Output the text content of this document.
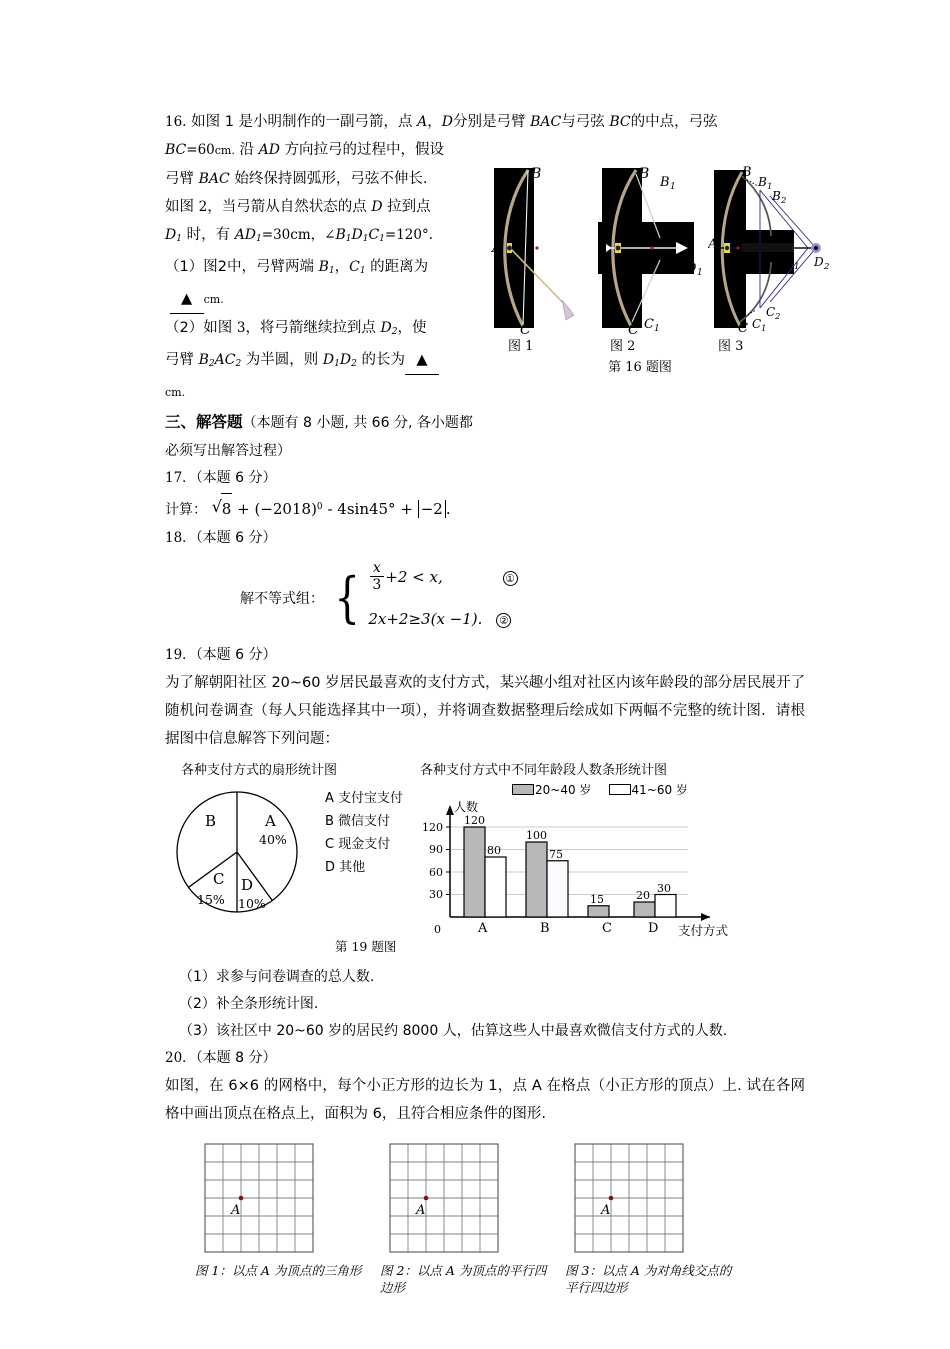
16. 如图 1 是小明制作的一副弓箭，点 A，D分别是弓臂 BAC与弓弦 BC的中点，弓弦
BC=60cm. 沿 AD 方向拉弓的过程中，假设
弓臂 BAC 始终保持圆弧形，弓弦不伸长.
如图 2，当弓箭从自然状态的点 D 拉到点
$D_1$ 时，有 $AD_1=30cm$，$\angle B_1D_1C_1=120^\circ$.
（1）图2中，弓臂两端 $B_1$，$C_1$ 的距离为
▲ cm.
（2）如图 3，将弓箭继续拉到点 $D_2$，使
弓臂 $B_2AC_2$ 为半圆，则 $D_1D_2$ 的长为 ▲
cm.
B
A
C
B
B 1
C C 1
D 1
B
B 1
B 2
A
C C 1
C 2
D 1 D 2
图 1	图 2	图 3
第 16 题图
三、解答题（本题有 8 小题, 共 66 分, 各小题都必须写出解答过程）
17．（本题 6 分）
计算： √ $8 + (-2018)^0 - 4\sin 45^\circ + -2$ .
18．（本题 6 分）
解不等式组： { $\frac{x}{3} +2 < x$,	①
2x+2≥3(x −1). ②
19．（本题 6 分）
为了解朝阳社区 20~60 岁居民最喜欢的支付方式，某兴趣小组对社区内该年龄段的部分居民展开了随机问卷调查（每人只能选择其中一项），并将调查数据整理后绘成如下两幅不完整的统计图．请根据图中信息解答下列问题：
各种支付方式的扇形统计图
A
40%
B
C
15%
D
10%
A 支付宝支付
B 微信支付
C 现金支付
D 其他
第 19 题图
各种支付方式中不同年龄段人数条形统计图
20~40 岁	41~60 岁
120
90
60
30
0
120
80
A
100
75
B
15
C
20
30
D
人数
支付方式
（1）求参与问卷调查的总人数.
（2）补全条形统计图.
（3）该社区中 20~60 岁的居民约 8000 人，估算这些人中最喜欢微信支付方式的人数.
20．（本题 8 分）
如图，在 6×6 的网格中，每个小正方形的边长为 1，点 A 在格点（小正方形的顶点）上. 试在各网格中画出顶点在格点上，面积为 6，且符合相应条件的图形.
A
图 1：以点 A 为顶点的三角形
A
图 2：以点 A 为顶点的平行四边形
A
图 3：以点 A 为对角线交点的平行四边形
